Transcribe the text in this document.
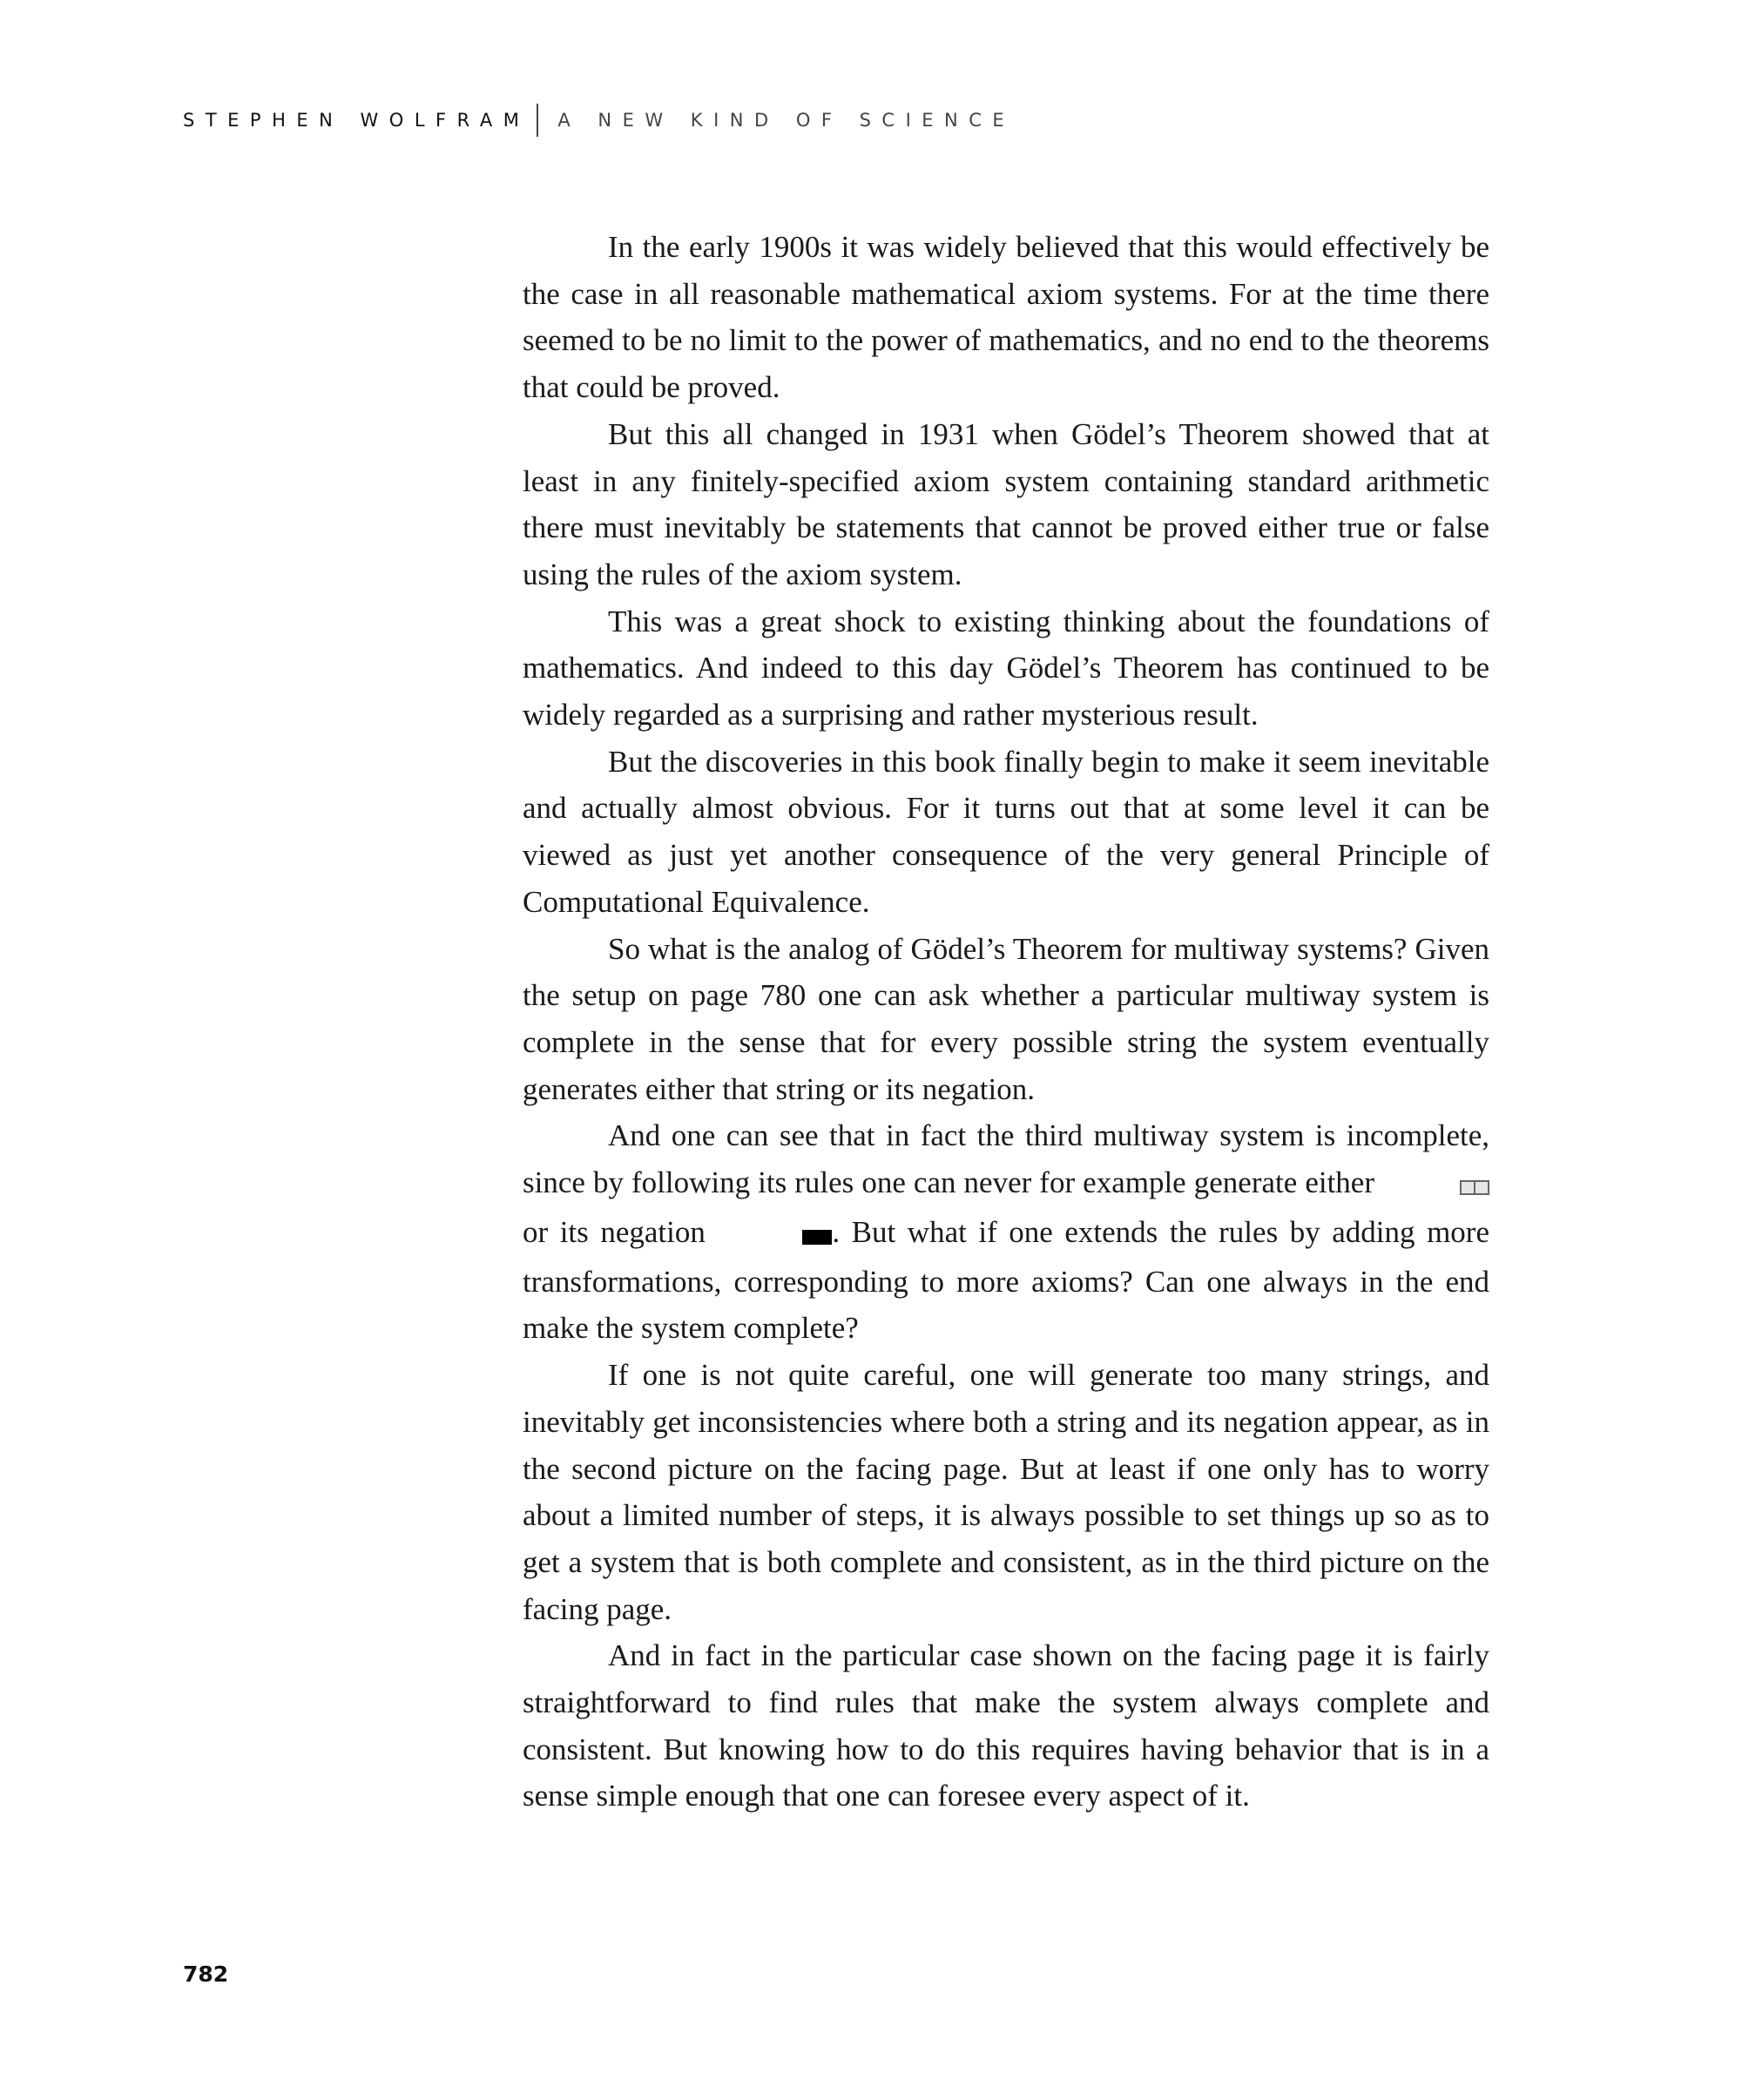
STEPHEN WOLFRAM A NEW KIND OF SCIENCE

In the early 1900s it was widely believed that this would effectively be the case in all reasonable mathematical axiom systems. For at the time there seemed to be no limit to the power of mathematics, and no end to the theorems that could be proved.

But this all changed in 1931 when Gödel’s Theorem showed that at least in any finitely-specified axiom system containing standard arithmetic there must inevitably be statements that cannot be proved either true or false using the rules of the axiom system.

This was a great shock to existing thinking about the foundations of mathematics. And indeed to this day Gödel’s Theorem has continued to be widely regarded as a surprising and rather mysterious result.

But the discoveries in this book finally begin to make it seem inevitable and actually almost obvious. For it turns out that at some level it can be viewed as just yet another consequence of the very general Principle of Computational Equivalence.

So what is the analog of Gödel’s Theorem for multiway systems? Given the setup on page 780 one can ask whether a particular multiway system is complete in the sense that for every possible string the system eventually generates either that string or its negation.

And one can see that in fact the third multiway system is incomplete, since by following its rules one can never for example generate either
or its negation	. But what if one extends the rules by adding more transformations, corresponding to more axioms? Can one always in the end make the system complete?

If one is not quite careful, one will generate too many strings, and inevitably get inconsistencies where both a string and its negation appear, as in the second picture on the facing page. But at least if one only has to worry about a limited number of steps, it is always possible to set things up so as to get a system that is both complete and consistent, as in the third picture on the facing page.

And in fact in the particular case shown on the facing page it is fairly straightforward to find rules that make the system always complete and consistent. But knowing how to do this requires having behavior that is in a sense simple enough that one can foresee every aspect of it.

782
